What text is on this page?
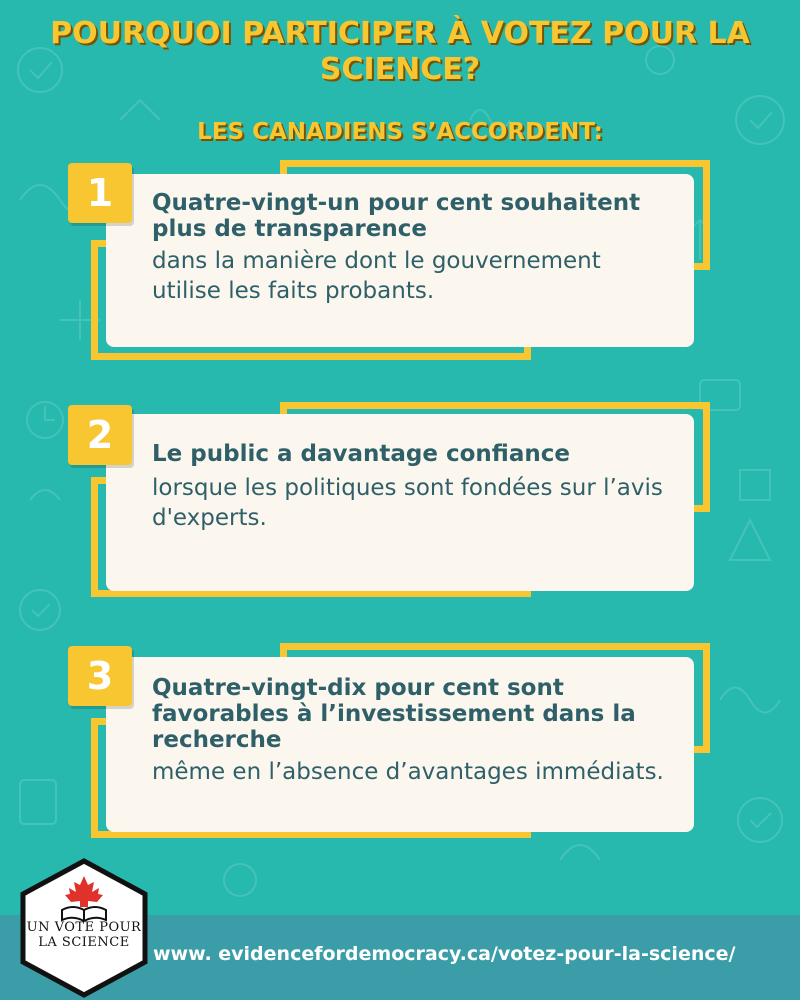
POURQUOI PARTICIPER À VOTEZ POUR LA SCIENCE?
LES CANADIENS S’ACCORDENT:
Quatre-vingt-un pour cent souhaitent plus de transparence
dans la manière dont le gouvernement utilise les faits probants.
1
Le public a davantage confiance
lorsque les politiques sont fondées sur l’avis d'experts.
2
Quatre-vingt-dix pour cent sont favorables à l’investissement dans la recherche
même en l’absence d’avantages immédiats.
3
www. evidencefordemocracy.ca/votez-pour-la-science/

UN VOTE POUR LA SCIENCE
